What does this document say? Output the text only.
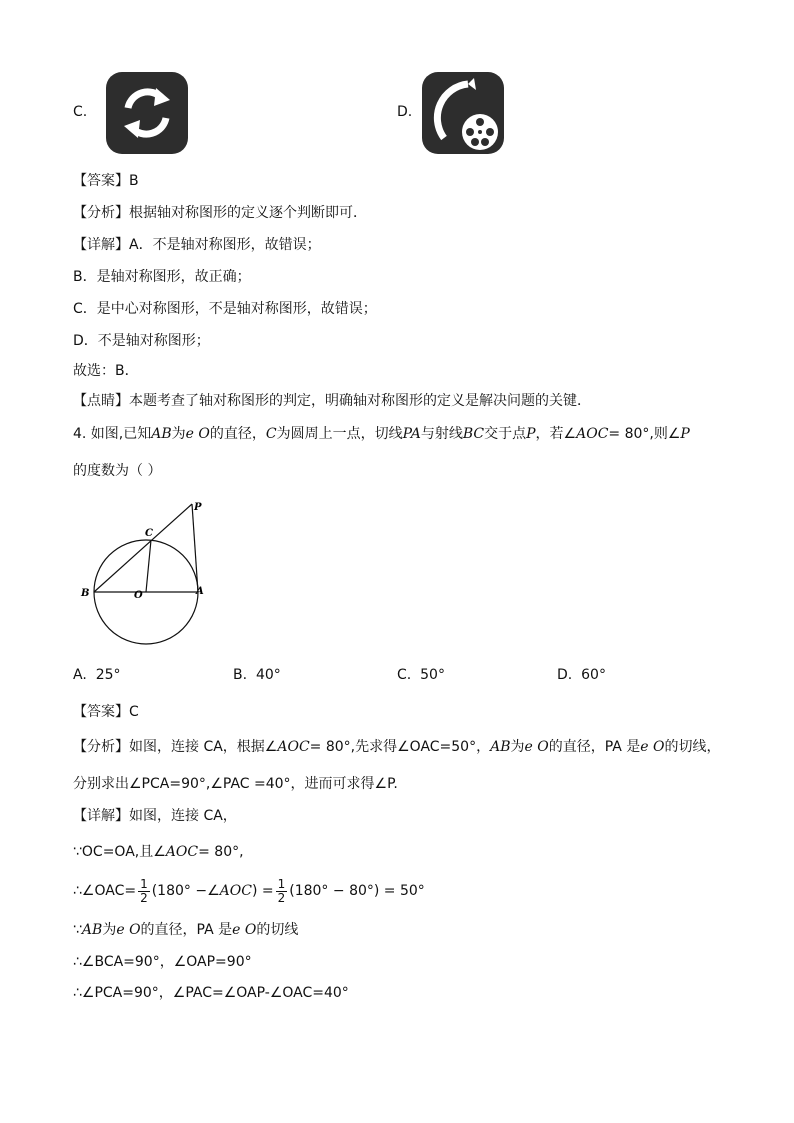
C.	D.
【答案】B
【分析】根据轴对称图形的定义逐个判断即可．
【详解】A．不是轴对称图形，故错误；
B．是轴对称图形，故正确；
C．是中心对称图形，不是轴对称图形，故错误；
D．不是轴对称图形；
故选：B．
【点睛】本题考查了轴对称图形的判定，明确轴对称图形的定义是解决问题的关键．
4. 如图,已知AB为e O的直径，C为圆周上一点，切线PA与射线BC交于点P，若∠AOC= 80°,则∠P
的度数为（ ）
P
C
B	O	A
A. 25°	B. 40°	C. 50°	D. 60°
【答案】C
【分析】如图，连接 CA，根据∠AOC= 80°,先求得∠OAC=50°，AB为e O的直径，PA 是e O的切线，
分别求出∠PCA=90°,∠PAC =40°，进而可求得∠P.
【详解】如图，连接 CA，
∵OC=OA,且∠AOC= 80°,
∴∠OAC= $\frac{1}{2} (180^\circ$ −∠AOC) = $\frac{1}{2} (180^\circ - 80^\circ) = 50^\circ$
∵AB为e O的直径，PA 是e O的切线
∴∠BCA=90°，∠OAP=90°
∴∠PCA=90°，∠PAC=∠OAP-∠OAC=40°
